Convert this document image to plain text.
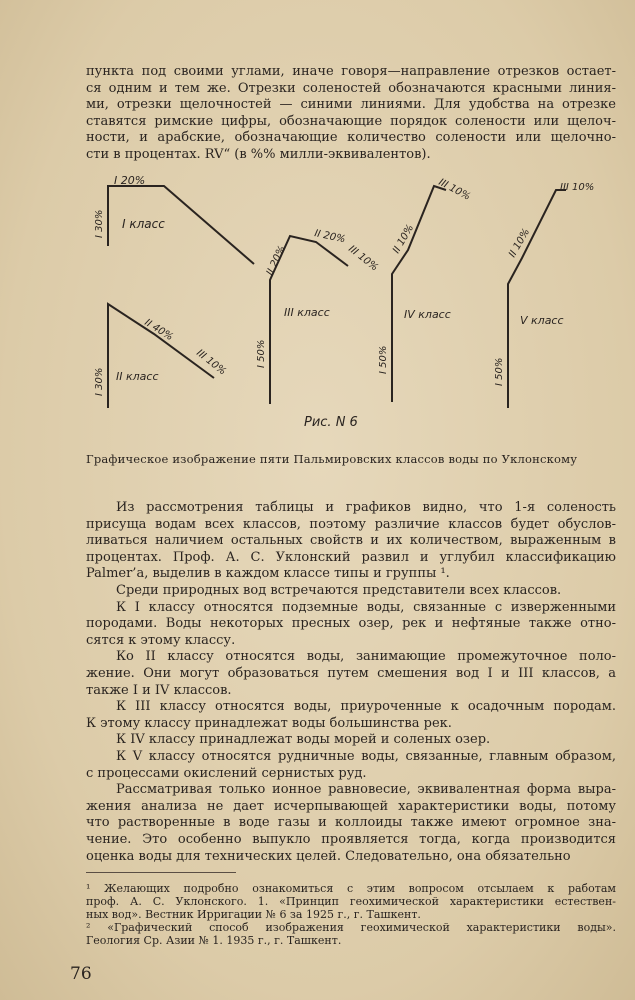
пункта под своими углами, иначе говоря—направление отрезков остает-
ся одним и тем же. Отрезки соленостей обозначаются красными линия-
ми, отрезки щелочностей — синими линиями. Для удобства на отрезке
ставятся римские цифры, обозначающие порядок солености или щелоч-
ности, и арабские, обозначающие количество солености или щелочно-
сти в процентах. RV“ (в %% милли-эквивалентов).

I 20%
I 30% I класс
I 30%
II 40%
III 10%
II класс
I 50%
II 20%
II 20%
III 10%
III класс
I 50%
II 10%
III 10%
IV класс
I 50%
II 10%
III 10%
V класс
Рис. N 6
Графическое изображение пяти Пальмировских классов воды по Уклонскому

Из рассмотрения таблицы и графиков видно, что 1-я соленость
присуща водам всех классов, поэтому различие классов будет обуслов-
ливаться наличием остальных свойств и их количеством, выраженным в
процентах. Проф. А. С. Уклонский развил и углубил классификацию
Palmer’a, выделив в каждом классе типы и группы ¹.

Среди природных вод встречаются представители всех классов.

К I классу относятся подземные воды, связанные с изверженными
породами. Воды некоторых пресных озер, рек и нефтяные также отно-
сятся к этому классу.

Ко II классу относятся воды, занимающие промежуточное поло-
жение. Они могут образоваться путем смешения вод I и III классов, а
также I и IV классов.

К III классу относятся воды, приуроченные к осадочным породам.
К этому классу принадлежат воды большинства рек.

К IV классу принадлежат воды морей и соленых озер.

К V классу относятся рудничные воды, связанные, главным образом,
с процессами окислений сернистых руд.

Рассматривая только ионное равновесие, эквивалентная форма выра-
жения анализа не дает исчерпывающей характеристики воды, потому
что растворенные в воде газы и коллоиды также имеют огромное зна-
чение. Это особенно выпукло проявляется тогда, когда производится
оценка воды для технических целей. Следовательно, она обязательно

¹ Желающих подробно ознакомиться с этим вопросом отсылаем к работам
проф. А. С. Уклонского. 1. «Принцип геохимической характеристики естествен-
ных вод». Вестник Ирригации № 6 за 1925 г., г. Ташкент.

² «Графический способ изображения геохимической характеристики воды».
Геология Ср. Азии № 1. 1935 г., г. Ташкент.

76
